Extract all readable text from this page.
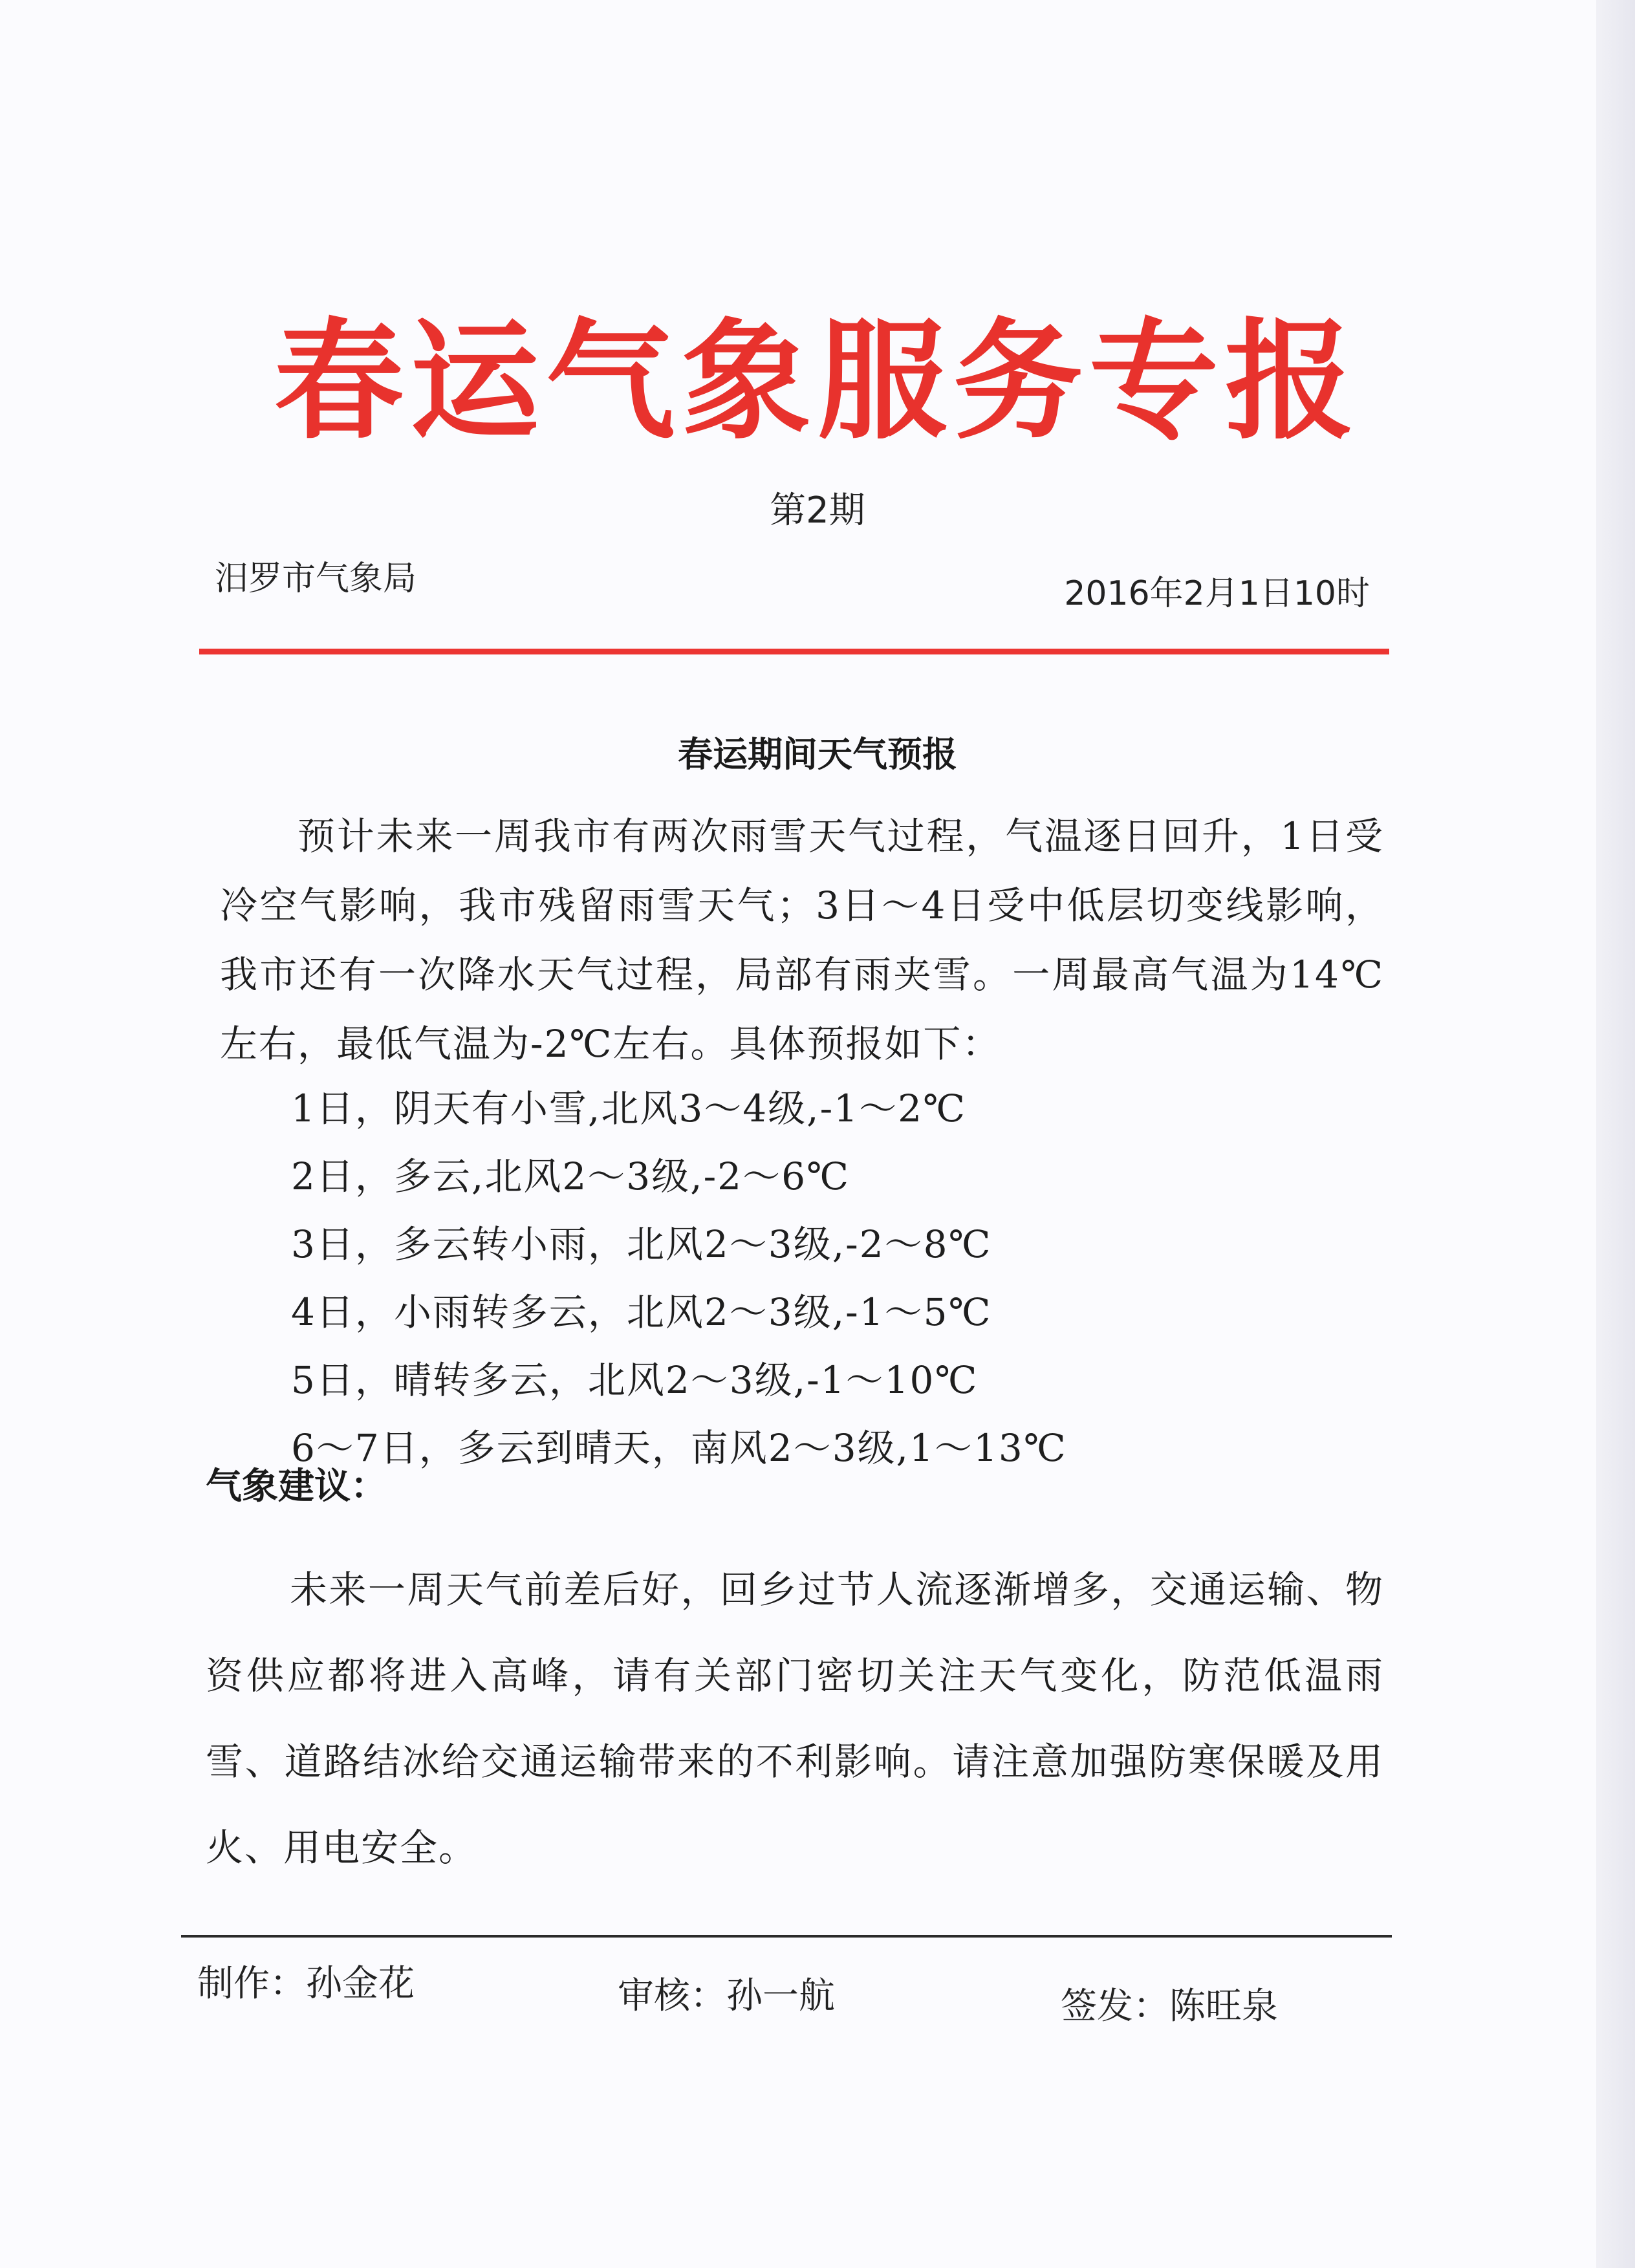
春运气象服务专报
第2期
汨罗市气象局	2016年2月1日10时
春运期间天气预报

预计未来一周我市有两次雨雪天气过程，气温逐日回升，1日受冷空气影响，我市残留雨雪天气；3日～4日受中低层切变线影响，我市还有一次降水天气过程，局部有雨夹雪。一周最高气温为14℃左右，最低气温为-2℃左右。具体预报如下：

1日，阴天有小雪,北风3～4级,-1～2℃
2日，多云,北风2～3级,-2～6℃
3日，多云转小雨，北风2～3级,-2～8℃
4日，小雨转多云，北风2～3级,-1～5℃
5日，晴转多云，北风2～3级,-1～10℃
6～7日，多云到晴天，南风2～3级,1～13℃
气象建议：

未来一周天气前差后好，回乡过节人流逐渐增多，交通运输、物资供应都将进入高峰，请有关部门密切关注天气变化，防范低温雨雪、道路结冰给交通运输带来的不利影响。请注意加强防寒保暖及用火、用电安全。

制作：孙金花	审核：孙一航	签发：陈旺泉
